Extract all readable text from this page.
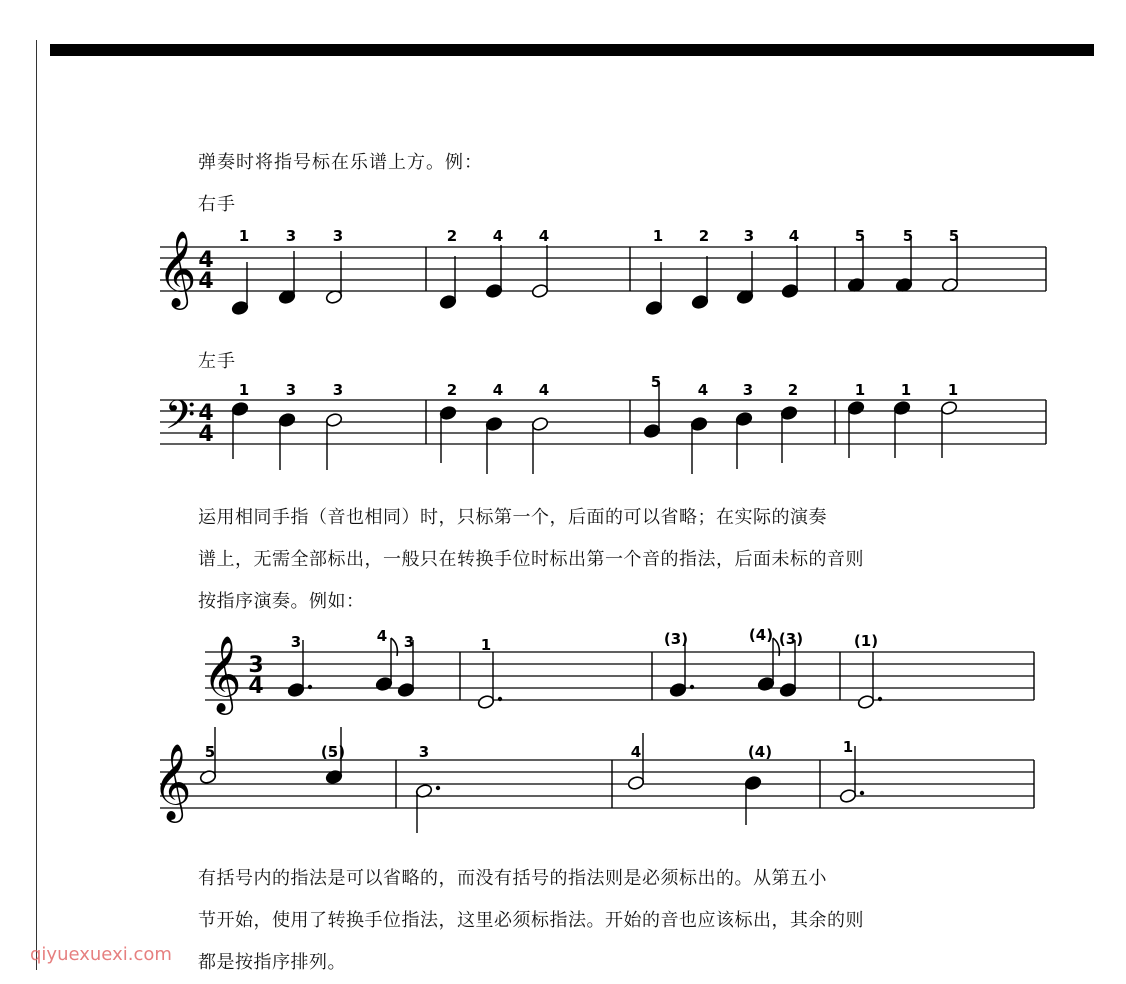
弹奏时将指号标在乐谱上方。例：
右手
左手
𝄞 4
4
1 3 3	2 4 4	1 2 3 4	5	5 5
𝄢 4
4
1 3 3	2 4 4	5 4 3 2	1 1 1
𝄞 3
4
3	4 3	1	(3)	(4) (3)	(1)
𝄞 5	(5)	3	4	(4)	1
运用相同手指（音也相同）时，只标第一个，后面的可以省略；在实际的演奏
谱上，无需全部标出，一般只在转换手位时标出第一个音的指法，后面未标的音则
按指序演奏。例如：
有括号内的指法是可以省略的，而没有括号的指法则是必须标出的。从第五小
节开始，使用了转换手位指法，这里必须标指法。开始的音也应该标出，其余的则
都是按指序排列。
qiyuexuexi.com
